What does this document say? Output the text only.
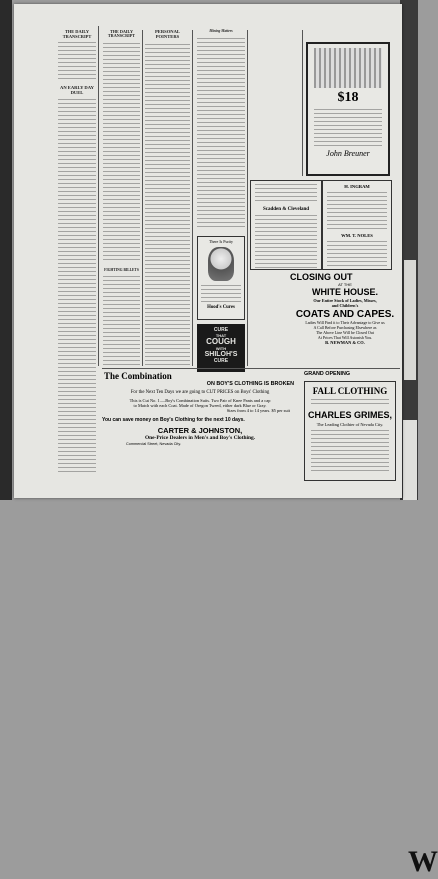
W
THE DAILY TRANSCRIPT
AN EARLY DAY DUEL
THE DAILY TRANSCRIPT
FIGHTING BILLETS
PERSONAL POINTERS
Mining Matters
There Is Purity
Hood's Cures
CURE
THAT
COUGH
WITH
SHILOH'S
CURE
$18
John Breuner
Scadden & Cleveland
H. INGRAM
WM. T. NOLES
CLOSING OUT
AT THE
WHITE HOUSE.
Our Entire Stock of Ladies, Misses,
and Children's
COATS AND CAPES.
Ladies Will Find it to Their Advantage to Give us
A Call Before Purchasing Elsewhere as
The Above Line Will be Closed Out
At Prices That Will Astonish You.
B. NEWMAN & CO.
The Combination
ON BOY'S CLOTHING IS BROKEN
For the Next Ten Days we are going to CUT PRICES on Boys' Clothing
This is Cut No. 1.—Boy's Combination Suits. Two Pair of Knee Pants and a cap
to Match with each Coat. Made of Oregon Tweed, either dark Blue or Gray.
Sizes from 4 to 14 years. $5 per suit
You can save money on Boy's Clothing for the next 10 days.
CARTER & JOHNSTON,
One-Price Dealers in Men's and Boy's Clothing.
Commercial Street, Nevada City.
GRAND OPENING
FALL CLOTHING
CHARLES GRIMES,
The Leading Clothier of Nevada City.
